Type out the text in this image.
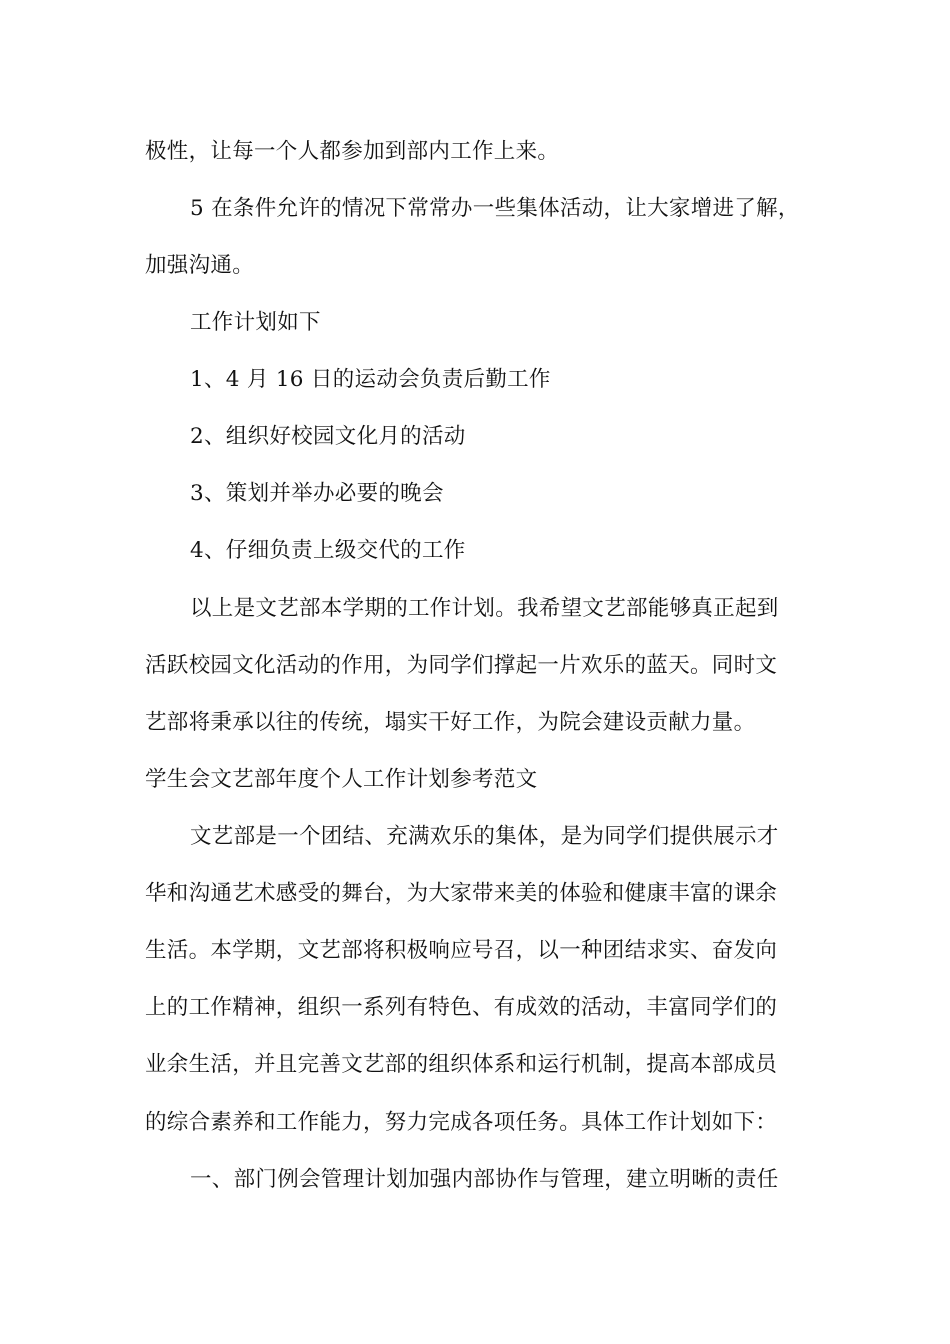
极性，让每一个人都参加到部内工作上来。
5 在条件允许的情况下常常办一些集体活动，让大家增进了解，
加强沟通。
工作计划如下
1、4 月 16 日的运动会负责后勤工作
2、组织好校园文化月的活动
3、策划并举办必要的晚会
4、仔细负责上级交代的工作
以上是文艺部本学期的工作计划。我希望文艺部能够真正起到
活跃校园文化活动的作用，为同学们撑起一片欢乐的蓝天。同时文
艺部将秉承以往的传统，塌实干好工作，为院会建设贡献力量。
学生会文艺部年度个人工作计划参考范文
文艺部是一个团结、充满欢乐的集体，是为同学们提供展示才
华和沟通艺术感受的舞台，为大家带来美的体验和健康丰富的课余
生活。本学期，文艺部将积极响应号召，以一种团结求实、奋发向
上的工作精神，组织一系列有特色、有成效的活动，丰富同学们的
业余生活，并且完善文艺部的组织体系和运行机制，提高本部成员
的综合素养和工作能力，努力完成各项任务。具体工作计划如下：
一、部门例会管理计划加强内部协作与管理，建立明晰的责任
